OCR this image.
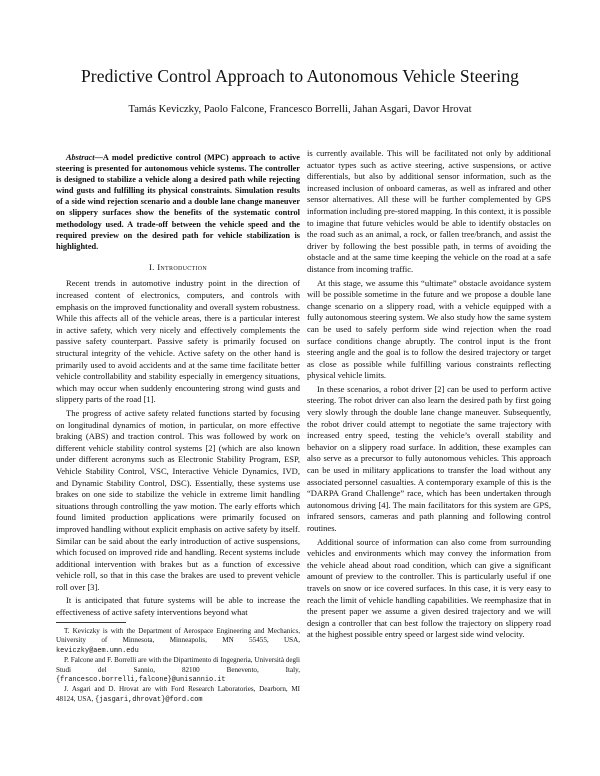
Predictive Control Approach to Autonomous Vehicle Steering
Tamás Keviczky, Paolo Falcone, Francesco Borrelli, Jahan Asgari, Davor Hrovat

Abstract—A model predictive control (MPC) approach to active steering is presented for autonomous vehicle systems. The controller is designed to stabilize a vehicle along a desired path while rejecting wind gusts and fulfilling its physical constraints. Simulation results of a side wind rejection scenario and a double lane change maneuver on slippery surfaces show the benefits of the systematic control methodology used. A trade-off between the vehicle speed and the required preview on the desired path for vehicle stabilization is highlighted.

I. Introduction

Recent trends in automotive industry point in the direction of increased content of electronics, computers, and controls with emphasis on the improved functionality and overall system robustness. While this affects all of the vehicle areas, there is a particular interest in active safety, which very nicely and effectively complements the passive safety counterpart. Passive safety is primarily focused on structural integrity of the vehicle. Active safety on the other hand is primarily used to avoid accidents and at the same time facilitate better vehicle controllability and stability especially in emergency situations, which may occur when suddenly encountering strong wind gusts and slippery parts of the road [1].

The progress of active safety related functions started by focusing on longitudinal dynamics of motion, in particular, on more effective braking (ABS) and traction control. This was followed by work on different vehicle stability control systems [2] (which are also known under different acronyms such as Electronic Stability Program, ESP, Vehicle Stability Control, VSC, Interactive Vehicle Dynamics, IVD, and Dynamic Stability Control, DSC). Essentially, these systems use brakes on one side to stabilize the vehicle in extreme limit handling situations through controlling the yaw motion. The early efforts which found limited production applications were primarily focused on improved handling without explicit emphasis on active safety by itself. Similar can be said about the early introduction of active suspensions, which focused on improved ride and handling. Recent systems include additional intervention with brakes but as a function of excessive vehicle roll, so that in this case the brakes are used to prevent vehicle roll over [3].

It is anticipated that future systems will be able to increase the effectiveness of active safety interventions beyond what

T. Keviczky is with the Department of Aerospace Engineering and Mechanics, University of Minnesota, Minneapolis, MN 55455, USA, keviczky@aem.umn.edu

P. Falcone and F. Borrelli are with the Dipartimento di Ingegneria, Università degli Studi del Sannio, 82100 Benevento, Italy, {francesco.borrelli,falcone}@unisannio.it

J. Asgari and D. Hrovat are with Ford Research Laboratories, Dearborn, MI 48124, USA, {jasgari,dhrovat}@ford.com

is currently available. This will be facilitated not only by additional actuator types such as active steering, active suspensions, or active differentials, but also by additional sensor information, such as the increased inclusion of onboard cameras, as well as infrared and other sensor alternatives. All these will be further complemented by GPS information including pre-stored mapping. In this context, it is possible to imagine that future vehicles would be able to identify obstacles on the road such as an animal, a rock, or fallen tree/branch, and assist the driver by following the best possible path, in terms of avoiding the obstacle and at the same time keeping the vehicle on the road at a safe distance from incoming traffic.

At this stage, we assume this “ultimate” obstacle avoidance system will be possible sometime in the future and we propose a double lane change scenario on a slippery road, with a vehicle equipped with a fully autonomous steering system. We also study how the same system can be used to safely perform side wind rejection when the road surface conditions change abruptly. The control input is the front steering angle and the goal is to follow the desired trajectory or target as close as possible while fulfilling various constraints reflecting physical vehicle limits.

In these scenarios, a robot driver [2] can be used to perform active steering. The robot driver can also learn the desired path by first going very slowly through the double lane change maneuver. Subsequently, the robot driver could attempt to negotiate the same trajectory with increased entry speed, testing the vehicle’s overall stability and behavior on a slippery road surface. In addition, these examples can also serve as a precursor to fully autonomous vehicles. This approach can be used in military applications to transfer the load without any associated personnel casualties. A contemporary example of this is the “DARPA Grand Challenge” race, which has been undertaken through autonomous driving [4]. The main facilitators for this system are GPS, infrared sensors, cameras and path planning and following control routines.

Additional source of information can also come from surrounding vehicles and environments which may convey the information from the vehicle ahead about road condition, which can give a significant amount of preview to the controller. This is particularly useful if one travels on snow or ice covered surfaces. In this case, it is very easy to reach the limit of vehicle handling capabilities. We reemphasize that in the present paper we assume a given desired trajectory and we will design a controller that can best follow the trajectory on slippery road at the highest possible entry speed or largest side wind velocity.
